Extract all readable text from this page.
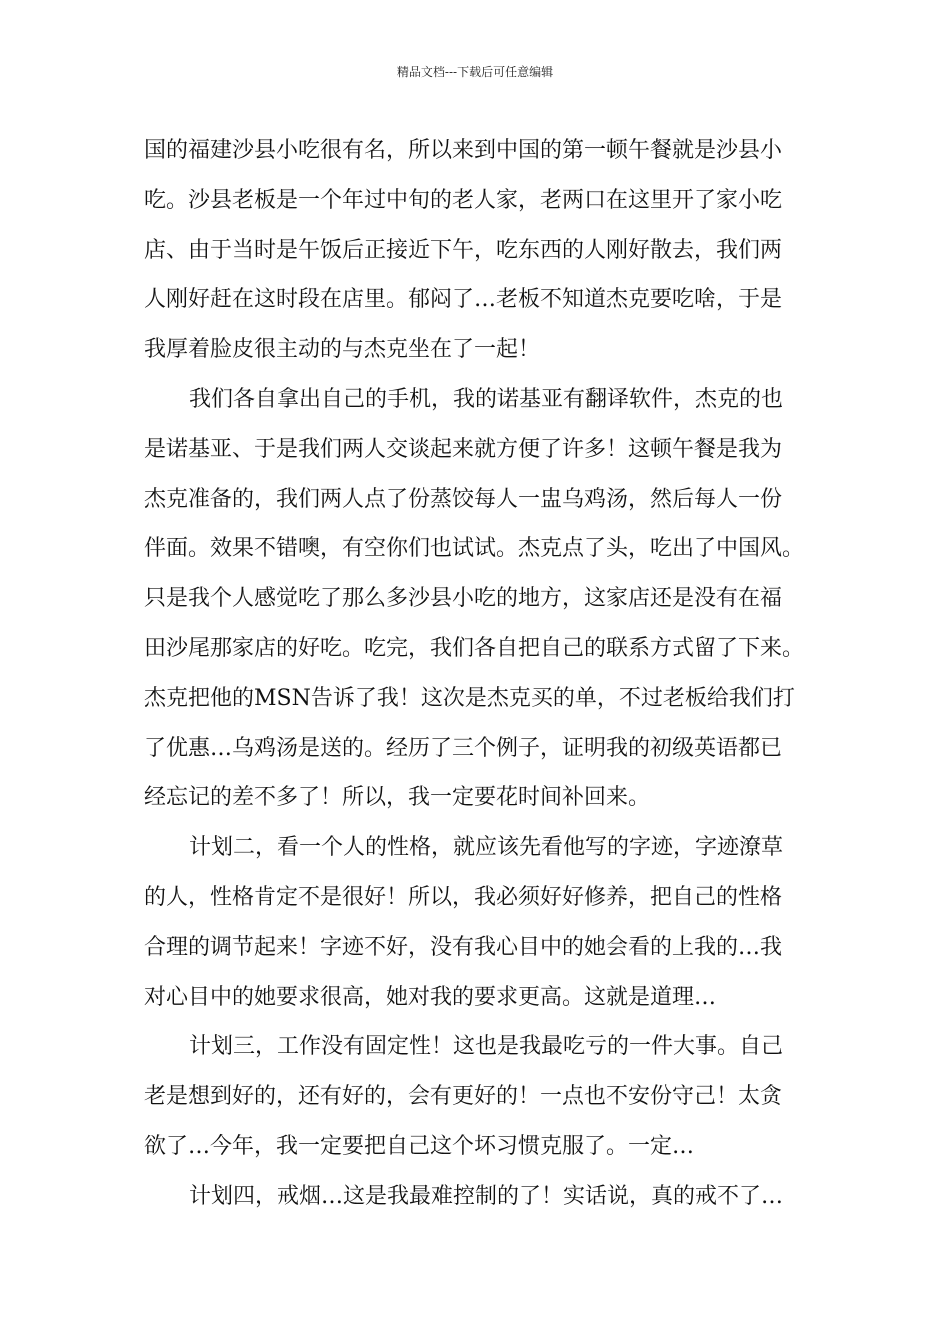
精品文档---下载后可任意编辑
国的福建沙县小吃很有名，所以来到中国的第一顿午餐就是沙县小
吃。沙县老板是一个年过中旬的老人家，老两口在这里开了家小吃
店、由于当时是午饭后正接近下午，吃东西的人刚好散去，我们两
人刚好赶在这时段在店里。郁闷了…老板不知道杰克要吃啥，于是
我厚着脸皮很主动的与杰克坐在了一起！
我们各自拿出自己的手机，我的诺基亚有翻译软件，杰克的也
是诺基亚、于是我们两人交谈起来就方便了许多！这顿午餐是我为
杰克准备的，我们两人点了份蒸饺每人一盅乌鸡汤，然后每人一份
伴面。效果不错噢，有空你们也试试。杰克点了头，吃出了中国风。
只是我个人感觉吃了那么多沙县小吃的地方，这家店还是没有在福
田沙尾那家店的好吃。吃完，我们各自把自己的联系方式留了下来。
杰克把他的MSN告诉了我！这次是杰克买的单，不过老板给我们打
了优惠…乌鸡汤是送的。经历了三个例子，证明我的初级英语都已
经忘记的差不多了！所以，我一定要花时间补回来。
计划二，看一个人的性格，就应该先看他写的字迹，字迹潦草
的人，性格肯定不是很好！所以，我必须好好修养，把自己的性格
合理的调节起来！字迹不好，没有我心目中的她会看的上我的…我
对心目中的她要求很高，她对我的要求更高。这就是道理…
计划三，工作没有固定性！这也是我最吃亏的一件大事。自己
老是想到好的，还有好的，会有更好的！一点也不安份守己！太贪
欲了…今年，我一定要把自己这个坏习惯克服了。一定…
计划四，戒烟…这是我最难控制的了！实话说，真的戒不了…
